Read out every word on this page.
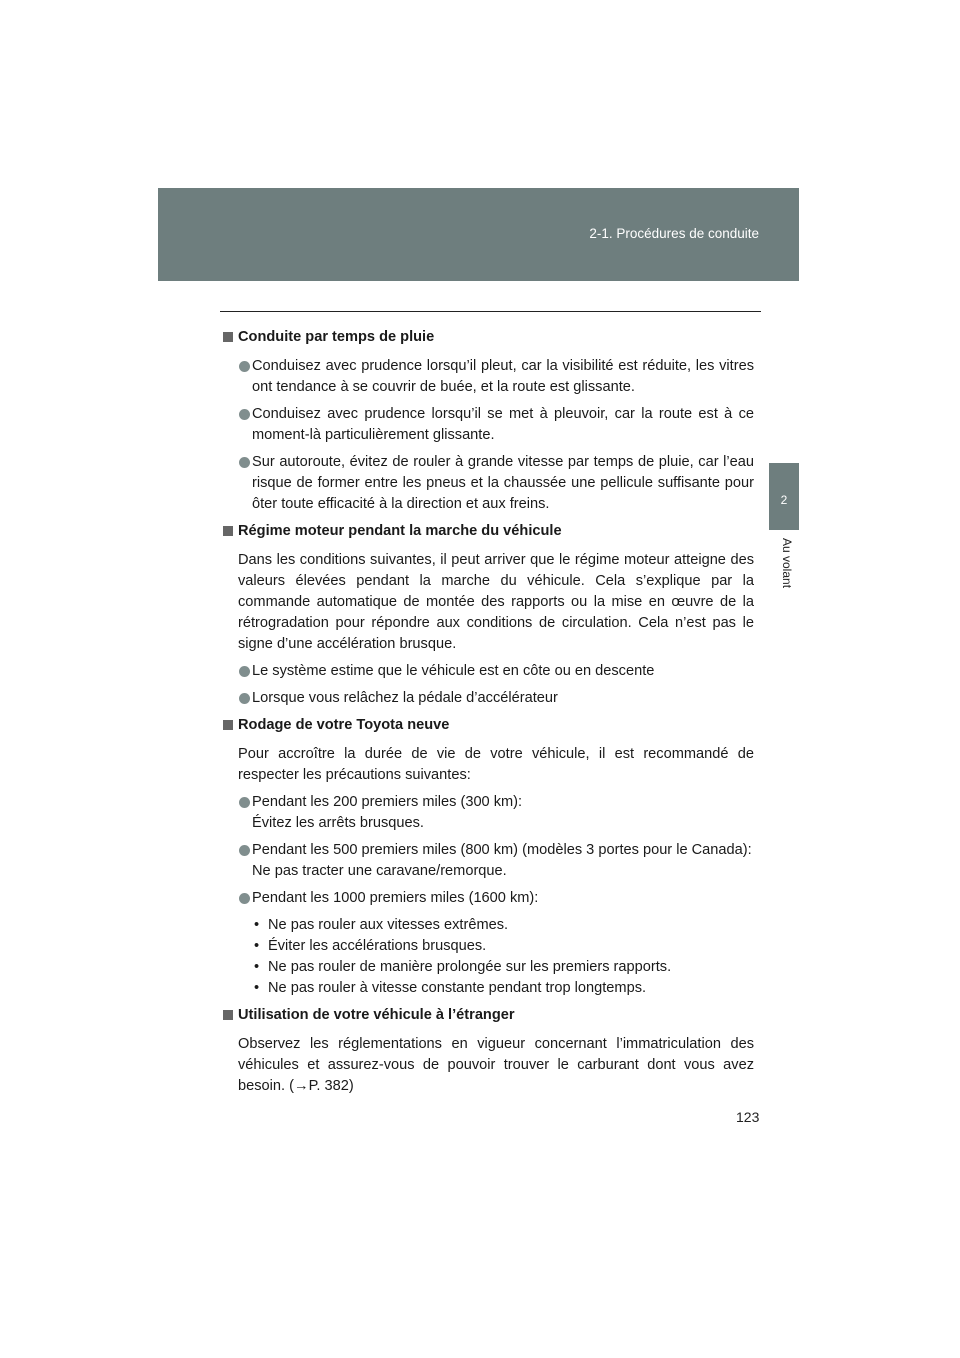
2-1. Procédures de conduite
2
Au volant
Conduite par temps de pluie
Conduisez avec prudence lorsqu’il pleut, car la visibilité est réduite, les vitres ont tendance à se couvrir de buée, et la route est glissante.
Conduisez avec prudence lorsqu’il se met à pleuvoir, car la route est à ce moment-là particulièrement glissante.
Sur autoroute, évitez de rouler à grande vitesse par temps de pluie, car l’eau risque de former entre les pneus et la chaussée une pellicule suffisante pour ôter toute efficacité à la direction et aux freins.
Régime moteur pendant la marche du véhicule
Dans les conditions suivantes, il peut arriver que le régime moteur atteigne des valeurs élevées pendant la marche du véhicule. Cela s’explique par la commande automatique de montée des rapports ou la mise en œuvre de la rétrogradation pour répondre aux conditions de circulation. Cela n’est pas le signe d’une accélération brusque.
Le système estime que le véhicule est en côte ou en descente
Lorsque vous relâchez la pédale d’accélérateur
Rodage de votre Toyota neuve
Pour accroître la durée de vie de votre véhicule, il est recommandé de respecter les précautions suivantes:
Pendant les 200 premiers miles (300 km):
Évitez les arrêts brusques.
Pendant les 500 premiers miles (800 km) (modèles 3 portes pour le Canada):
Ne pas tracter une caravane/remorque.
Pendant les 1000 premiers miles (1600 km):
• Ne pas rouler aux vitesses extrêmes.
• Éviter les accélérations brusques.
• Ne pas rouler de manière prolongée sur les premiers rapports.
• Ne pas rouler à vitesse constante pendant trop longtemps.
Utilisation de votre véhicule à l’étranger
Observez les réglementations en vigueur concernant l’immatriculation des véhicules et assurez-vous de pouvoir trouver le carburant dont vous avez besoin. (→P. 382)
123
